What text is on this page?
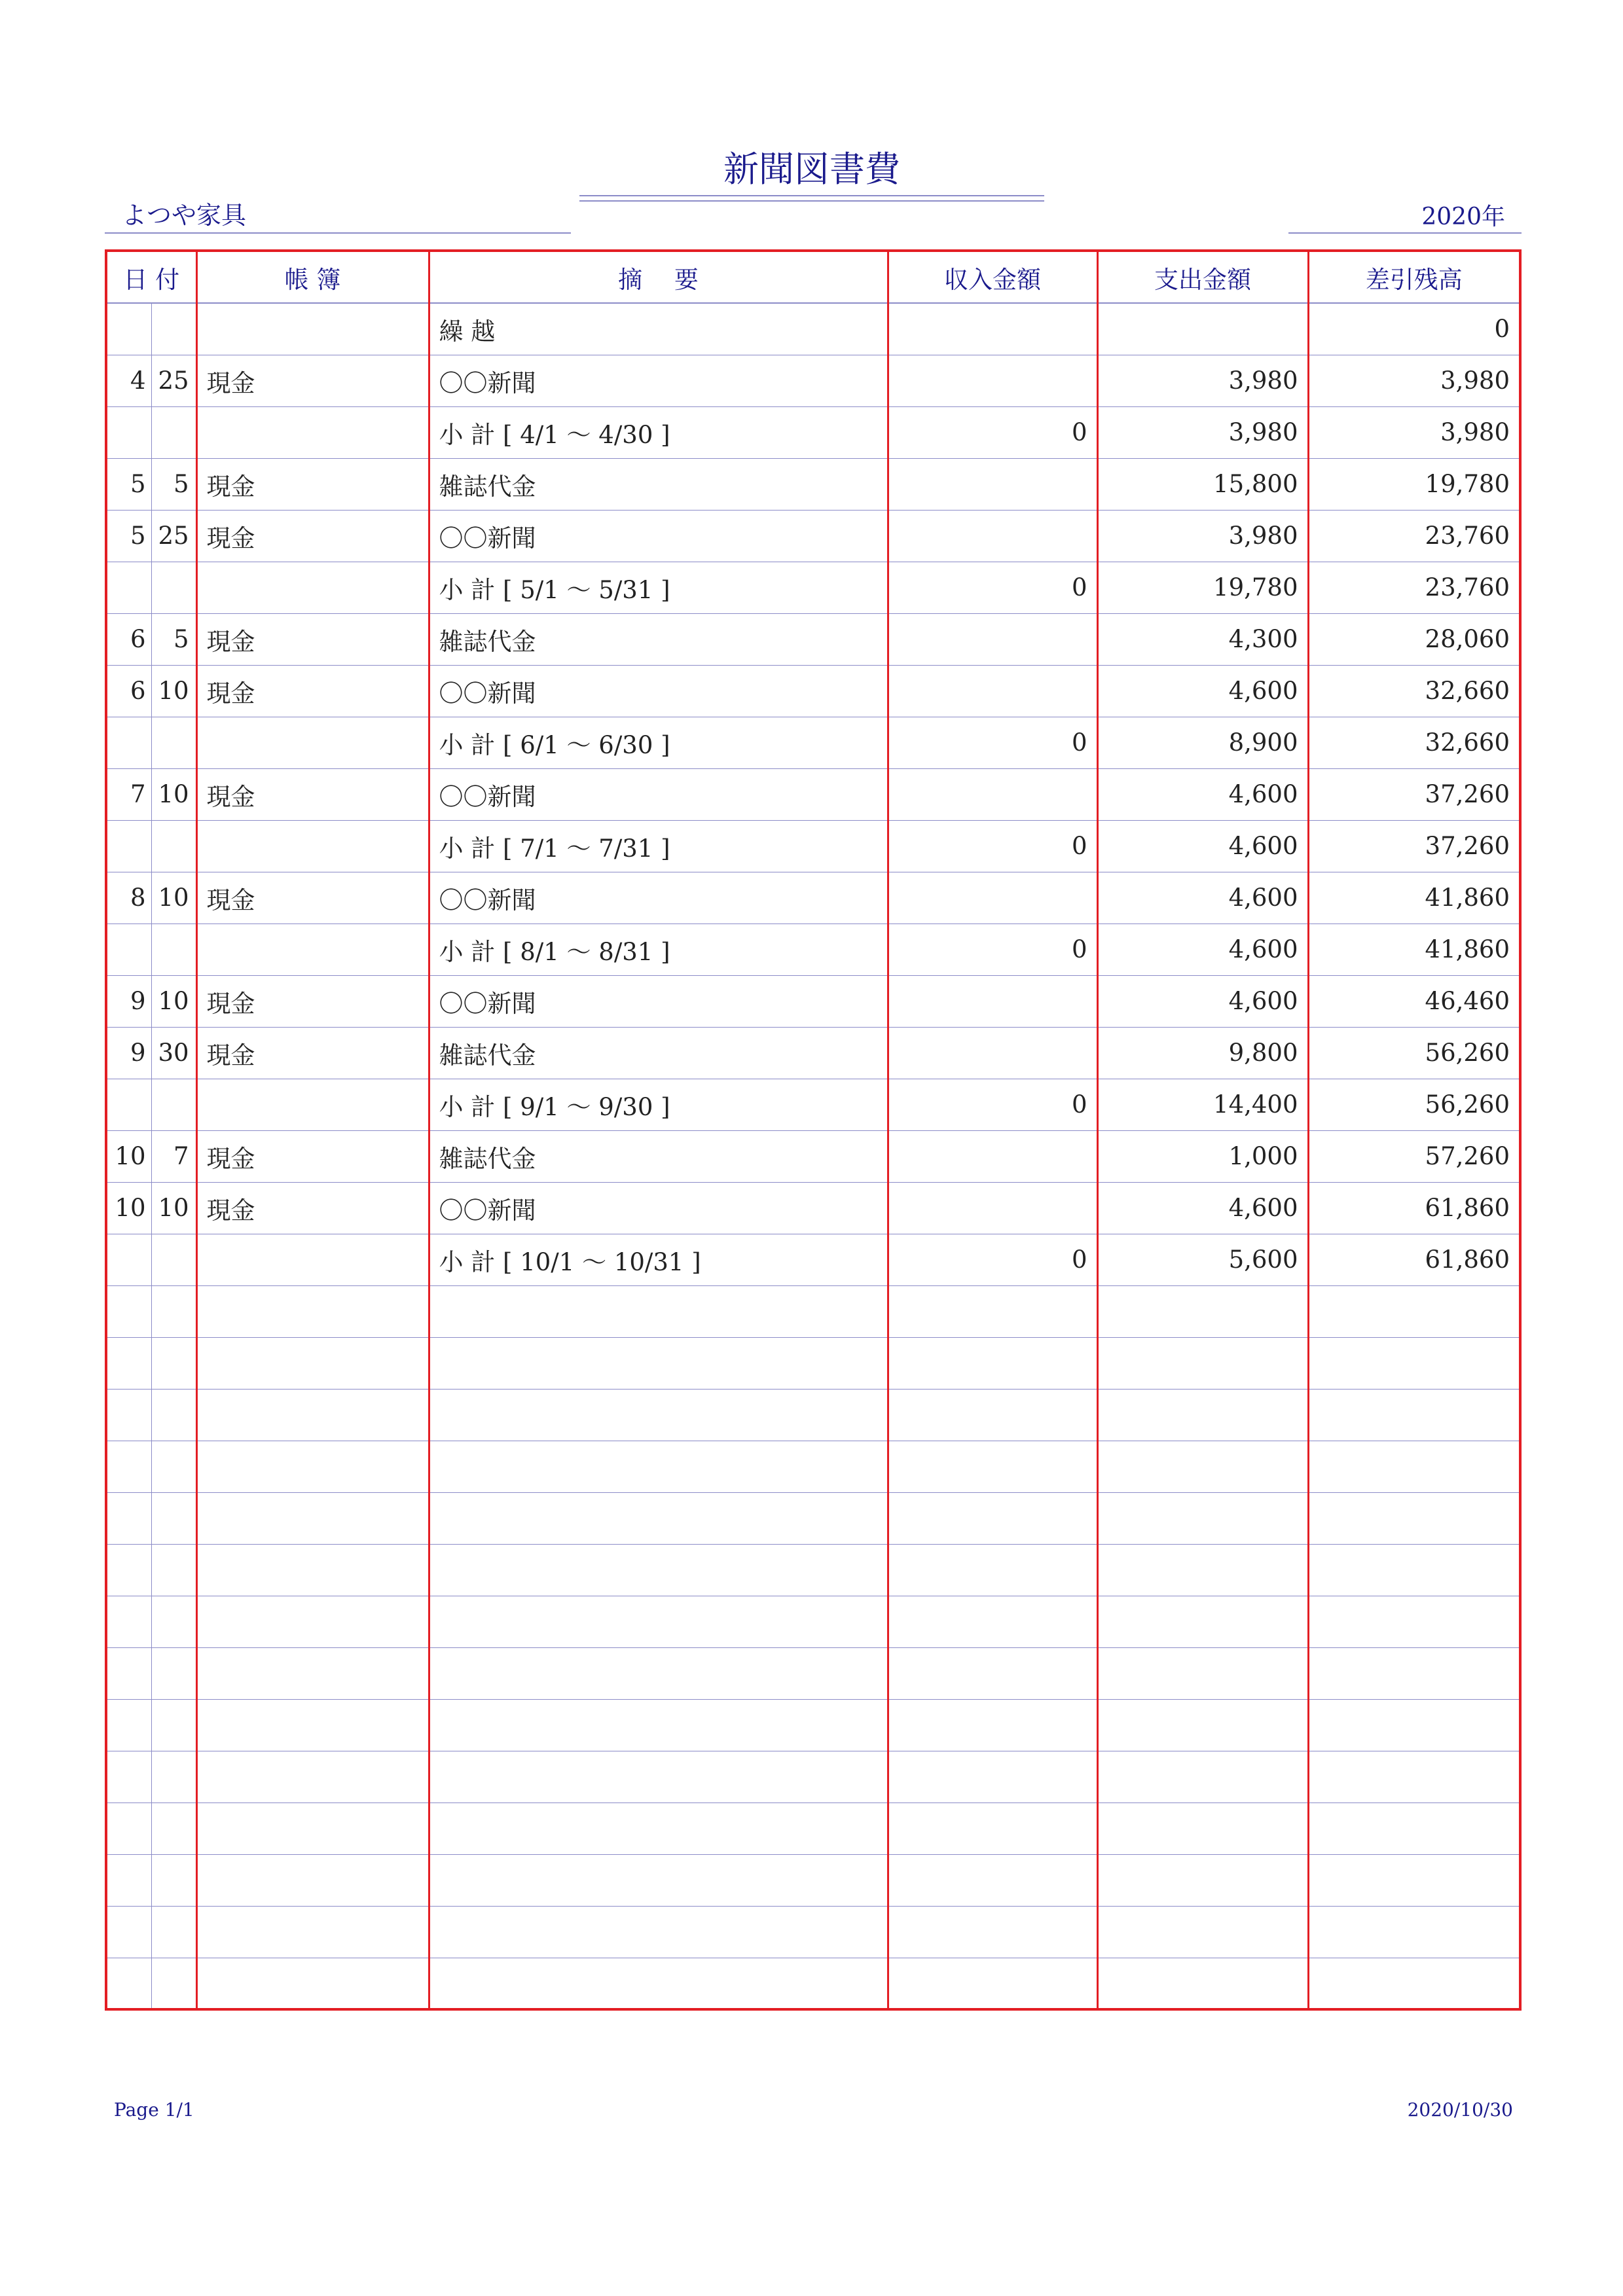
新聞図書費
よつや家具	2020年
日 付		帳 簿	摘　 要	収入金額	支出金額	差引残高
			繰 越			0
4	25	現金	〇〇新聞		3,980	3,980
			小 計 [ 4/1 ～ 4/30 ]	0	3,980	3,980
5	5	現金	雑誌代金		15,800	19,780
5	25	現金	〇〇新聞		3,980	23,760
			小 計 [ 5/1 ～ 5/31 ]	0	19,780	23,760
6	5	現金	雑誌代金		4,300	28,060
6	10	現金	〇〇新聞		4,600	32,660
			小 計 [ 6/1 ～ 6/30 ]	0	8,900	32,660
7	10	現金	〇〇新聞		4,600	37,260
			小 計 [ 7/1 ～ 7/31 ]	0	4,600	37,260
8	10	現金	〇〇新聞		4,600	41,860
			小 計 [ 8/1 ～ 8/31 ]	0	4,600	41,860
9	10	現金	〇〇新聞		4,600	46,460
9	30	現金	雑誌代金		9,800	56,260
			小 計 [ 9/1 ～ 9/30 ]	0	14,400	56,260
10	7	現金	雑誌代金		1,000	57,260
10	10	現金	〇〇新聞		4,600	61,860
			小 計 [ 10/1 ～ 10/31 ]	0	5,600	61,860

Page 1/1	2020/10/30
